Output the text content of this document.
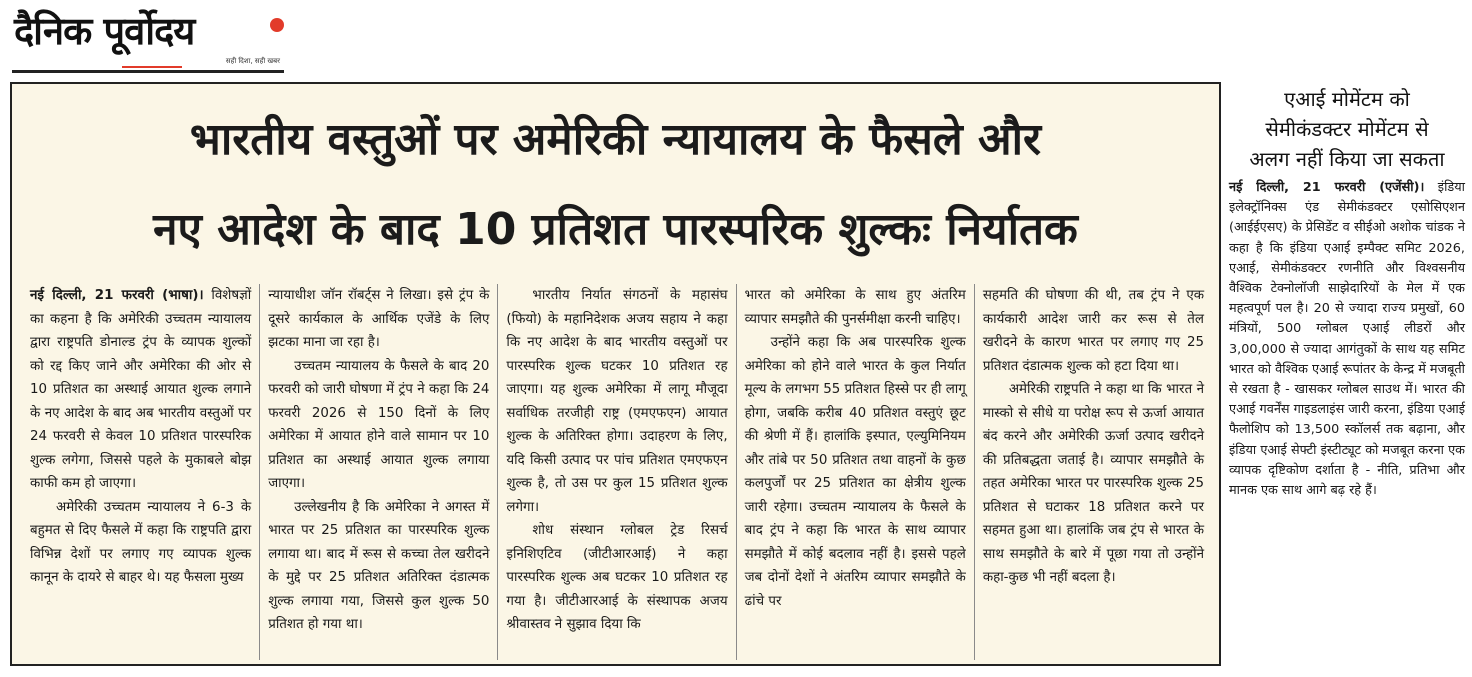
दैनिक पूर्वोदय
सही दिशा, सही खबर
भारतीय वस्तुओं पर अमेरिकी न्यायालय के फैसले और
नए आदेश के बाद 10 प्रतिशत पारस्परिक शुल्कः निर्यातक

नई दिल्ली, 21 फरवरी (भाषा)। विशेषज्ञों का कहना है कि अमेरिकी उच्चतम न्यायालय द्वारा राष्ट्रपति डोनाल्ड ट्रंप के व्यापक शुल्कों को रद्द किए जाने और अमेरिका की ओर से 10 प्रतिशत का अस्थाई आयात शुल्क लगाने के नए आदेश के बाद अब भारतीय वस्तुओं पर 24 फरवरी से केवल 10 प्रतिशत पारस्परिक शुल्क लगेगा, जिससे पहले के मुकाबले बोझ काफी कम हो जाएगा।

अमेरिकी उच्चतम न्यायालय ने 6-3 के बहुमत से दिए फैसले में कहा कि राष्ट्रपति द्वारा विभिन्न देशों पर लगाए गए व्यापक शुल्क कानून के दायरे से बाहर थे। यह फैसला मुख्य

न्यायाधीश जॉन रॉबर्ट्स ने लिखा। इसे ट्रंप के दूसरे कार्यकाल के आर्थिक एजेंडे के लिए झटका माना जा रहा है।

उच्चतम न्यायालय के फैसले के बाद 20 फरवरी को जारी घोषणा में ट्रंप ने कहा कि 24 फरवरी 2026 से 150 दिनों के लिए अमेरिका में आयात होने वाले सामान पर 10 प्रतिशत का अस्थाई आयात शुल्क लगाया जाएगा।

उल्लेखनीय है कि अमेरिका ने अगस्त में भारत पर 25 प्रतिशत का पारस्परिक शुल्क लगाया था। बाद में रूस से कच्चा तेल खरीदने के मुद्दे पर 25 प्रतिशत अतिरिक्त दंडात्मक शुल्क लगाया गया, जिससे कुल शुल्क 50 प्रतिशत हो गया था।

भारतीय निर्यात संगठनों के महासंघ (फियो) के महानिदेशक अजय सहाय ने कहा कि नए आदेश के बाद भारतीय वस्तुओं पर पारस्परिक शुल्क घटकर 10 प्रतिशत रह जाएगा। यह शुल्क अमेरिका में लागू मौजूदा सर्वाधिक तरजीही राष्ट्र (एमएफएन) आयात शुल्क के अतिरिक्त होगा। उदाहरण के लिए, यदि किसी उत्पाद पर पांच प्रतिशत एमएफएन शुल्क है, तो उस पर कुल 15 प्रतिशत शुल्क लगेगा।

शोध संस्थान ग्लोबल ट्रेड रिसर्च इनिशिएटिव (जीटीआरआई) ने कहा पारस्परिक शुल्क अब घटकर 10 प्रतिशत रह गया है। जीटीआरआई के संस्थापक अजय श्रीवास्तव ने सुझाव दिया कि

भारत को अमेरिका के साथ हुए अंतरिम व्यापार समझौते की पुनर्समीक्षा करनी चाहिए।

उन्होंने कहा कि अब पारस्परिक शुल्क अमेरिका को होने वाले भारत के कुल निर्यात मूल्य के लगभग 55 प्रतिशत हिस्से पर ही लागू होगा, जबकि करीब 40 प्रतिशत वस्तुएं छूट की श्रेणी में हैं। हालांकि इस्पात, एल्युमिनियम और तांबे पर 50 प्रतिशत तथा वाहनों के कुछ कलपुर्जों पर 25 प्रतिशत का क्षेत्रीय शुल्क जारी रहेगा। उच्चतम न्यायालय के फैसले के बाद ट्रंप ने कहा कि भारत के साथ व्यापार समझौते में कोई बदलाव नहीं है। इससे पहले जब दोनों देशों ने अंतरिम व्यापार समझौते के ढांचे पर

सहमति की घोषणा की थी, तब ट्रंप ने एक कार्यकारी आदेश जारी कर रूस से तेल खरीदने के कारण भारत पर लगाए गए 25 प्रतिशत दंडात्मक शुल्क को हटा दिया था।

अमेरिकी राष्ट्रपति ने कहा था कि भारत ने मास्को से सीधे या परोक्ष रूप से ऊर्जा आयात बंद करने और अमेरिकी ऊर्जा उत्पाद खरीदने की प्रतिबद्धता जताई है। व्यापार समझौते के तहत अमेरिका भारत पर पारस्परिक शुल्क 25 प्रतिशत से घटाकर 18 प्रतिशत करने पर सहमत हुआ था। हालांकि जब ट्रंप से भारत के साथ समझौते के बारे में पूछा गया तो उन्होंने कहा-कुछ भी नहीं बदला है।

एआई मोमेंटम को
सेमीकंडक्टर मोमेंटम से
अलग नहीं किया जा सकता

नई दिल्ली, 21 फरवरी (एजेंसी)। इंडिया इलेक्ट्रॉनिक्स एंड सेमीकंडक्टर एसोसिएशन (आईईएसए) के प्रेसिडेंट व सीईओ अशोक चांडक ने कहा है कि इंडिया एआई इम्पैक्ट समिट 2026, एआई, सेमीकंडक्टर रणनीति और विश्वसनीय वैश्विक टेक्नोलॉजी साझेदारियों के मेल में एक महत्वपूर्ण पल है। 20 से ज्यादा राज्य प्रमुखों, 60 मंत्रियों, 500 ग्लोबल एआई लीडरों और 3,00,000 से ज्यादा आगंतुकों के साथ यह समिट भारत को वैश्विक एआई रूपांतर के केन्द्र में मजबूती से रखता है - खासकर ग्लोबल साउथ में। भारत की एआई गवर्नेंस गाइडलाइंस जारी करना, इंडिया एआई फैलोशिप को 13,500 स्कॉलर्स तक बढ़ाना, और इंडिया एआई सेफ्टी इंस्टीट्यूट को मजबूत करना एक व्यापक दृष्टिकोण दर्शाता है - नीति, प्रतिभा और मानक एक साथ आगे बढ़ रहे हैं।
